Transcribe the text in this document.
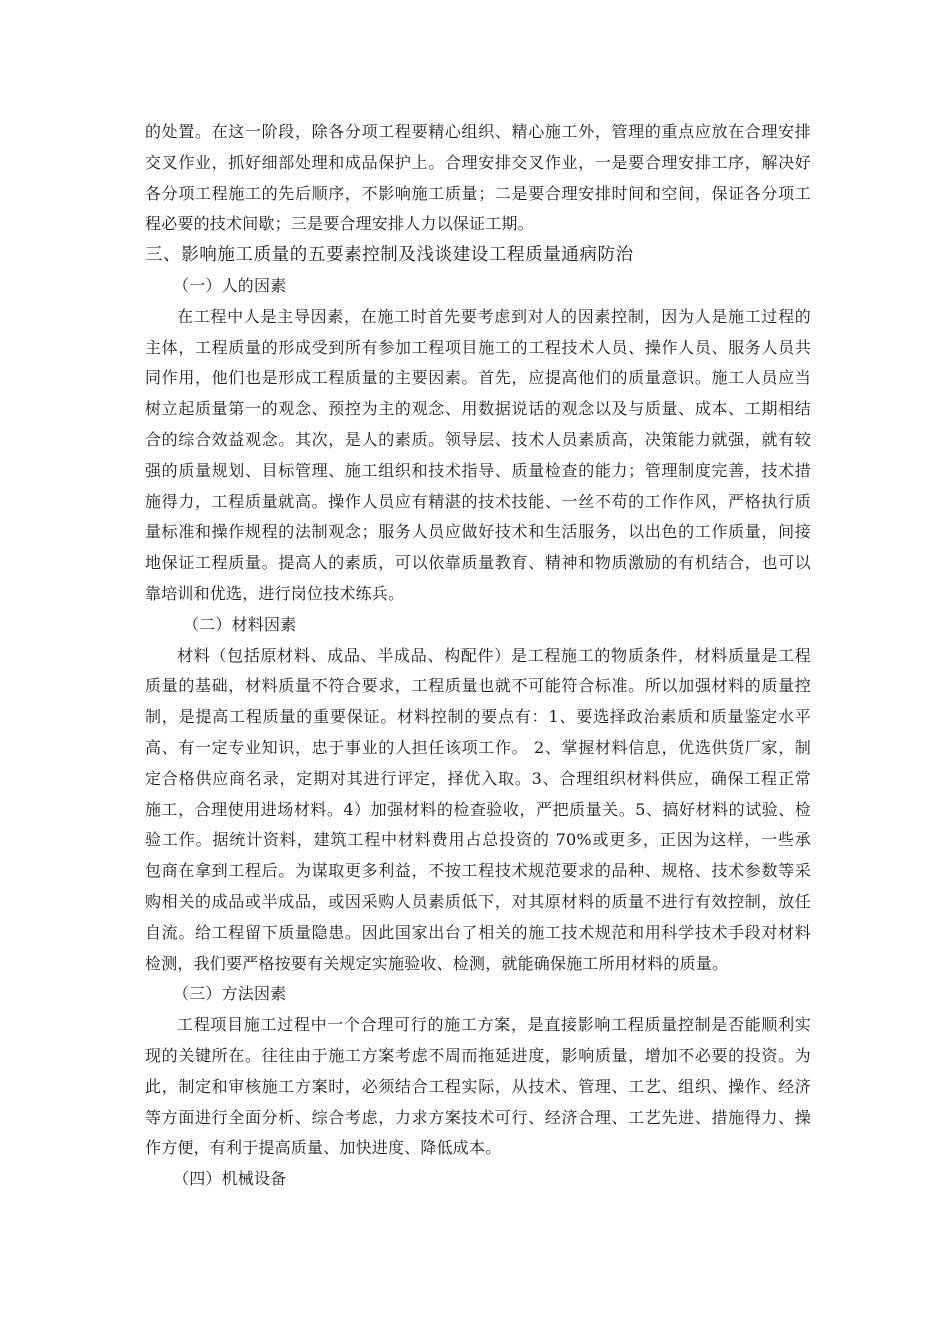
的处置。在这一阶段，除各分项工程要精心组织、精心施工外，管理的重点应放在合理安排
交叉作业，抓好细部处理和成品保护上。合理安排交叉作业，一是要合理安排工序，解决好
各分项工程施工的先后顺序，不影响施工质量；二是要合理安排时间和空间，保证各分项工
程必要的技术间歇；三是要合理安排人力以保证工期。
三、影响施工质量的五要素控制及浅谈建设工程质量通病防治
（一）人的因素
在工程中人是主导因素，在施工时首先要考虑到对人的因素控制，因为人是施工过程的
主体，工程质量的形成受到所有参加工程项目施工的工程技术人员、操作人员、服务人员共
同作用，他们也是形成工程质量的主要因素。首先，应提高他们的质量意识。施工人员应当
树立起质量第一的观念、预控为主的观念、用数据说话的观念以及与质量、成本、工期相结
合的综合效益观念。其次，是人的素质。领导层、技术人员素质高，决策能力就强，就有较
强的质量规划、目标管理、施工组织和技术指导、质量检查的能力；管理制度完善，技术措
施得力，工程质量就高。操作人员应有精湛的技术技能、一丝不苟的工作作风，严格执行质
量标准和操作规程的法制观念；服务人员应做好技术和生活服务，以出色的工作质量，间接
地保证工程质量。提高人的素质，可以依靠质量教育、精神和物质激励的有机结合，也可以
靠培训和优选，进行岗位技术练兵。
（二）材料因素
材料（包括原材料、成品、半成品、构配件）是工程施工的物质条件，材料质量是工程
质量的基础，材料质量不符合要求，工程质量也就不可能符合标准。所以加强材料的质量控
制，是提高工程质量的重要保证。材料控制的要点有：1、要选择政治素质和质量鉴定水平
高、有一定专业知识，忠于事业的人担任该项工作。 2、掌握材料信息，优选供货厂家，制
定合格供应商名录，定期对其进行评定，择优入取。3、合理组织材料供应，确保工程正常
施工，合理使用进场材料。4）加强材料的检查验收，严把质量关。5、搞好材料的试验、检
验工作。据统计资料，建筑工程中材料费用占总投资的 70%或更多，正因为这样，一些承
包商在拿到工程后。为谋取更多利益，不按工程技术规范要求的品种、规格、技术参数等采
购相关的成品或半成品，或因采购人员素质低下，对其原材料的质量不进行有效控制，放任
自流。给工程留下质量隐患。因此国家出台了相关的施工技术规范和用科学技术手段对材料
检测，我们要严格按要有关规定实施验收、检测，就能确保施工所用材料的质量。
（三）方法因素
工程项目施工过程中一个合理可行的施工方案，是直接影响工程质量控制是否能顺利实
现的关键所在。往往由于施工方案考虑不周而拖延进度，影响质量，增加不必要的投资。为
此，制定和审核施工方案时，必须结合工程实际，从技术、管理、工艺、组织、操作、经济
等方面进行全面分析、综合考虑，力求方案技术可行、经济合理、工艺先进、措施得力、操
作方便，有利于提高质量、加快进度、降低成本。
（四）机械设备
